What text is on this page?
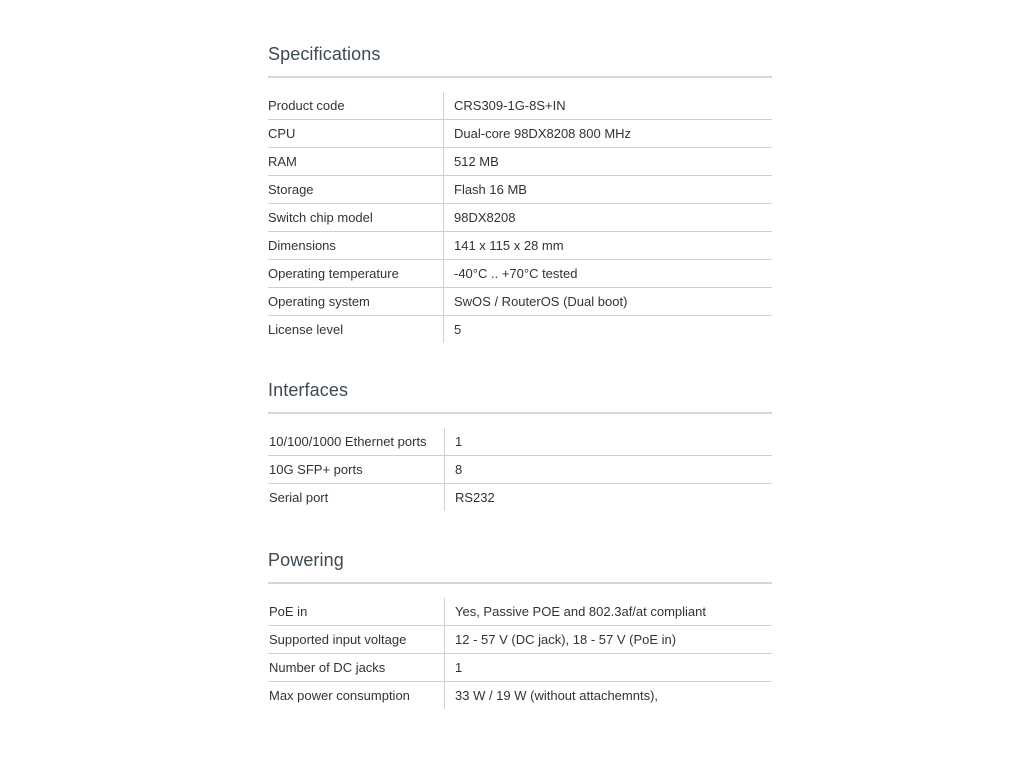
Specifications
Product code	CRS309-1G-8S+IN
CPU	Dual-core 98DX8208 800 MHz
RAM	512 MB
Storage	Flash 16 MB
Switch chip model	98DX8208
Dimensions	141 x 115 x 28 mm
Operating temperature	-40°C .. +70°C tested
Operating system	SwOS / RouterOS (Dual boot)
License level	5
Interfaces
10/100/1000 Ethernet ports	1
10G SFP+ ports	8
Serial port	RS232
Powering
PoE in	Yes, Passive POE and 802.3af/at compliant
Supported input voltage	12 - 57 V (DC jack), 18 - 57 V (PoE in)
Number of DC jacks	1
Max power consumption	33 W / 19 W (without attachemnts),
